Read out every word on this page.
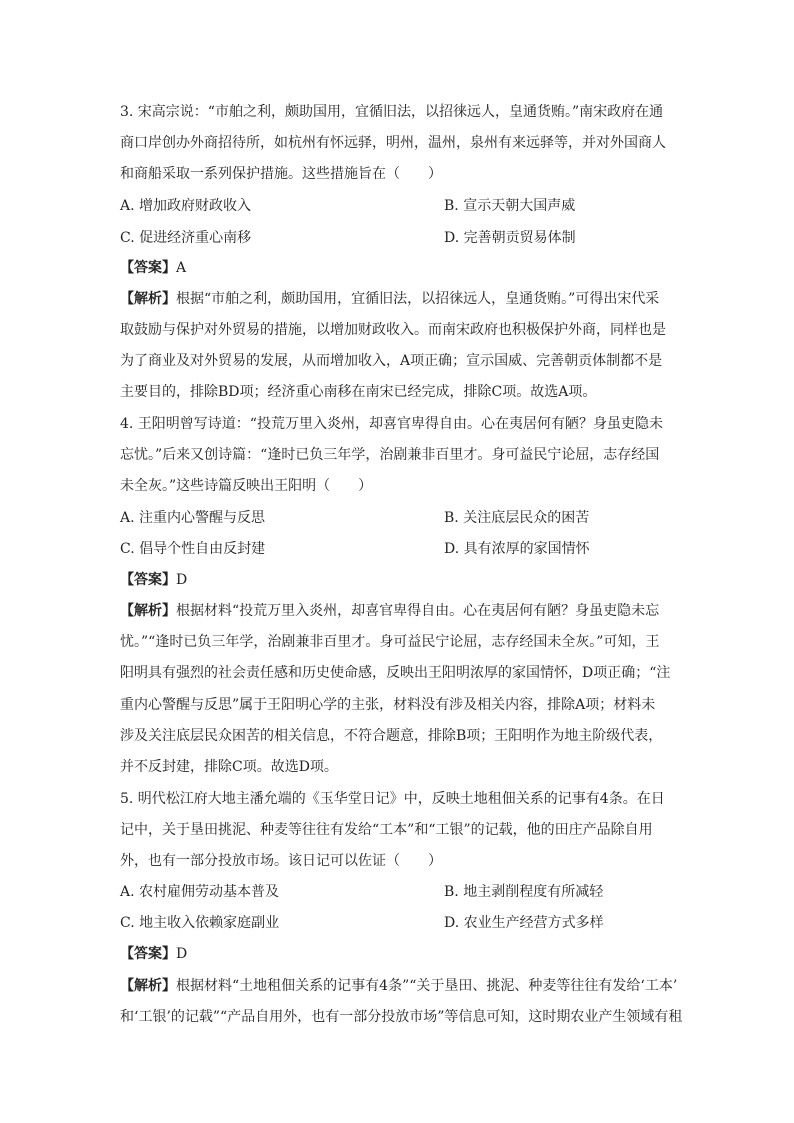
3. 宋高宗说：“市舶之利，颇助国用，宜循旧法，以招徕远人，皇通货贿。”南宋政府在通
商口岸创办外商招待所，如杭州有怀远驿，明州，温州，泉州有来远驿等，并对外国商人
和商船采取一系列保护措施。这些措施旨在（　　）
A. 增加政府财政收入	B. 宣示天朝大国声威
C. 促进经济重心南移	D. 完善朝贡贸易体制
【答案】A
【解析】根据“市舶之利，颇助国用，宜循旧法，以招徕远人，皇通货贿。”可得出宋代采
取鼓励与保护对外贸易的措施，以增加财政收入。而南宋政府也积极保护外商，同样也是
为了商业及对外贸易的发展，从而增加收入，A项正确；宣示国威、完善朝贡体制都不是
主要目的，排除BD项；经济重心南移在南宋已经完成，排除C项。故选A项。
4. 王阳明曾写诗道：“投荒万里入炎州，却喜官卑得自由。心在夷居何有陋？身虽吏隐未
忘忧。”后来又创诗篇：“逢时已负三年学，治剧兼非百里才。身可益民宁论屈，志存经国
未全灰。”这些诗篇反映出王阳明（　　）
A. 注重内心警醒与反思	B. 关注底层民众的困苦
C. 倡导个性自由反封建	D. 具有浓厚的家国情怀
【答案】D
【解析】根据材料“投荒万里入炎州，却喜官卑得自由。心在夷居何有陋？身虽吏隐未忘
忧。”“逢时已负三年学，治剧兼非百里才。身可益民宁论屈，志存经国未全灰。”可知，王
阳明具有强烈的社会责任感和历史使命感，反映出王阳明浓厚的家国情怀，D项正确；“注
重内心警醒与反思”属于王阳明心学的主张，材料没有涉及相关内容，排除A项；材料未
涉及关注底层民众困苦的相关信息，不符合题意，排除B项；王阳明作为地主阶级代表，
并不反封建，排除C项。故选D项。
5. 明代松江府大地主潘允端的《玉华堂日记》中，反映土地租佃关系的记事有4条。在日
记中，关于垦田挑泥、种麦等往往有发给“工本”和“工银”的记载，他的田庄产品除自用
外，也有一部分投放市场。该日记可以佐证（　　）
A. 农村雇佣劳动基本普及	B. 地主剥削程度有所减轻
C. 地主收入依赖家庭副业	D. 农业生产经营方式多样
【答案】D
【解析】根据材料“土地租佃关系的记事有4条”“关于垦田、挑泥、种麦等往往有发给‘工本’
和‘工银’的记载”“产品自用外，也有一部分投放市场”等信息可知，这时期农业产生领域有租
